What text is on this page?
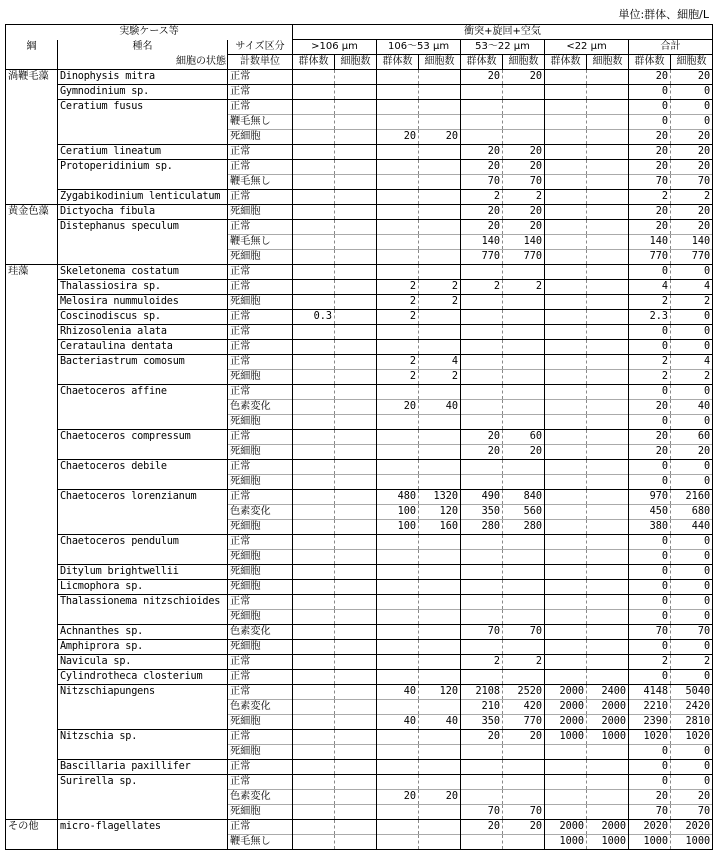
単位:群体、細胞/L
実験ケース等			衝突+旋回+空気									
綱	種名	サイズ区分	>106 μm		106～53 μm		53～22 μm		<22 μm		合計	
	細胞の状態	計数単位	群体数	細胞数	群体数	細胞数	群体数	細胞数	群体数	細胞数	群体数	細胞数
渦鞭毛藻	Dinophysis mitra	正常					20	20			20	20
	Gymnodinium sp.	正常									0	0
	Ceratium fusus	正常									0	0
		鞭毛無し									0	0
		死細胞			20	20					20	20
	Ceratium lineatum	正常					20	20			20	20
	Protoperidinium sp.	正常					20	20			20	20
		鞭毛無し					70	70			70	70
	Zygabikodinium lenticulatum	正常					2	2			2	2
黄金色藻	Dictyocha fibula	死細胞					20	20			20	20
	Distephanus speculum	正常					20	20			20	20
		鞭毛無し					140	140			140	140
		死細胞					770	770			770	770
珪藻	Skeletonema costatum	正常									0	0
	Thalassiosira sp.	正常			2	2	2	2			4	4
	Melosira nummuloides	死細胞			2	2					2	2
	Coscinodiscus sp.	正常	0.3		2						2.3	0
	Rhizosolenia alata	正常									0	0
	Cerataulina dentata	正常									0	0
	Bacteriastrum comosum	正常			2	4					2	4
		死細胞			2	2					2	2
	Chaetoceros affine	正常									0	0
		色素変化			20	40					20	40
		死細胞									0	0
	Chaetoceros compressum	正常					20	60			20	60
		死細胞					20	20			20	20
	Chaetoceros debile	正常									0	0
		死細胞									0	0
	Chaetoceros lorenzianum	正常			480	1320	490	840			970	2160
		色素変化			100	120	350	560			450	680
		死細胞			100	160	280	280			380	440
	Chaetoceros pendulum	正常									0	0
		死細胞									0	0
	Ditylum brightwellii	死細胞									0	0
	Licmophora sp.	死細胞									0	0
	Thalassionema nitzschioides	正常									0	0
		死細胞									0	0
	Achnanthes sp.	色素変化					70	70			70	70
	Amphiprora sp.	死細胞									0	0
	Navicula sp.	正常					2	2			2	2
	Cylindrotheca closterium	正常									0	0
	Nitzschiapungens	正常			40	120	2108	2520	2000	2400	4148	5040
		色素変化					210	420	2000	2000	2210	2420
		死細胞			40	40	350	770	2000	2000	2390	2810
	Nitzschia sp.	正常					20	20	1000	1000	1020	1020
		死細胞									0	0
	Bascillaria paxillifer	正常									0	0
	Surirella sp.	正常									0	0
		色素変化			20	20					20	20
		死細胞					70	70			70	70
その他	micro-flagellates	正常					20	20	2000	2000	2020	2020
		鞭毛無し							1000	1000	1000	1000
